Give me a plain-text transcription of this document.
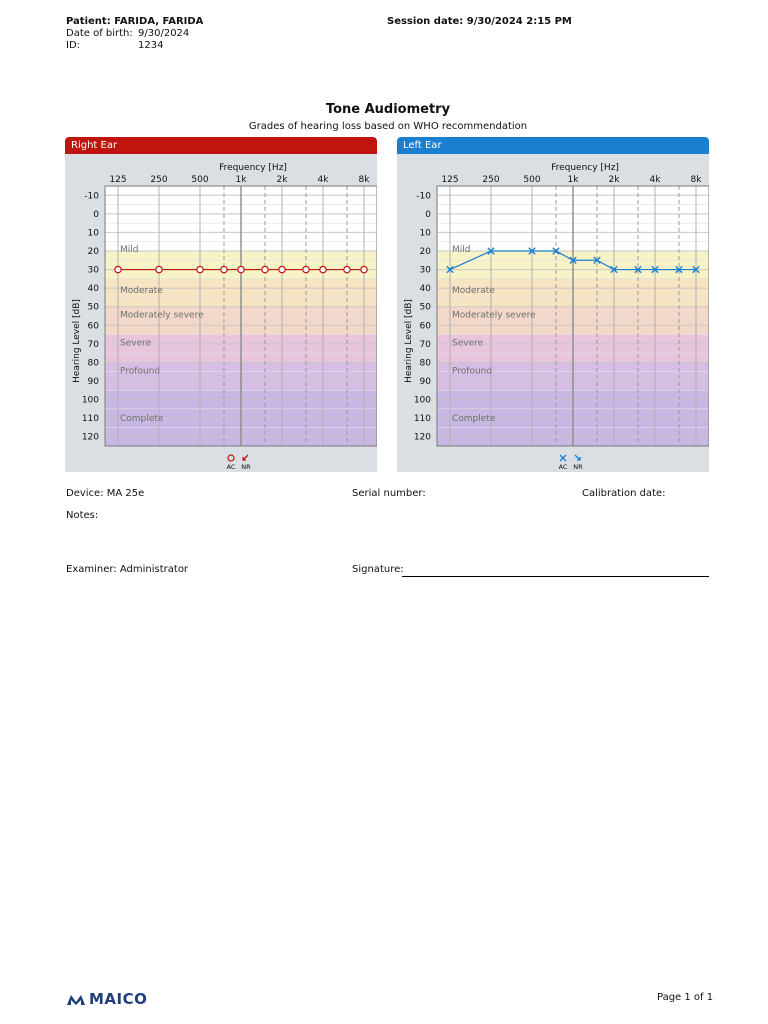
Patient: FARIDA, FARIDA
Date of birth: 9/30/2024
ID:	1234
Session date: 9/30/2024 2:15 PM
Tone Audiometry
Grades of hearing loss based on WHO recommendation
Right Ear
Mild
Moderate
Moderately severe
Severe
Profound
Complete
125	250	500	1k	2k	4k	8k
Frequency [Hz]
-10
0
10
20
30
40
50
60
70
80
90
100
110
120
Hearing Level [dB]
AC NR
Left Ear
Mild
Moderate
Moderately severe
Severe
Profound
Complete
125	250	500	1k	2k	4k	8k
Frequency [Hz]
-10
0
10
20
30
40
50
60
70
80
90
100
110
120
Hearing Level [dB]
AC NR
Device: MA 25e	Serial number:	Calibration date:
Notes:
Examiner: Administrator	Signature:
MAICO	Page 1 of 1
